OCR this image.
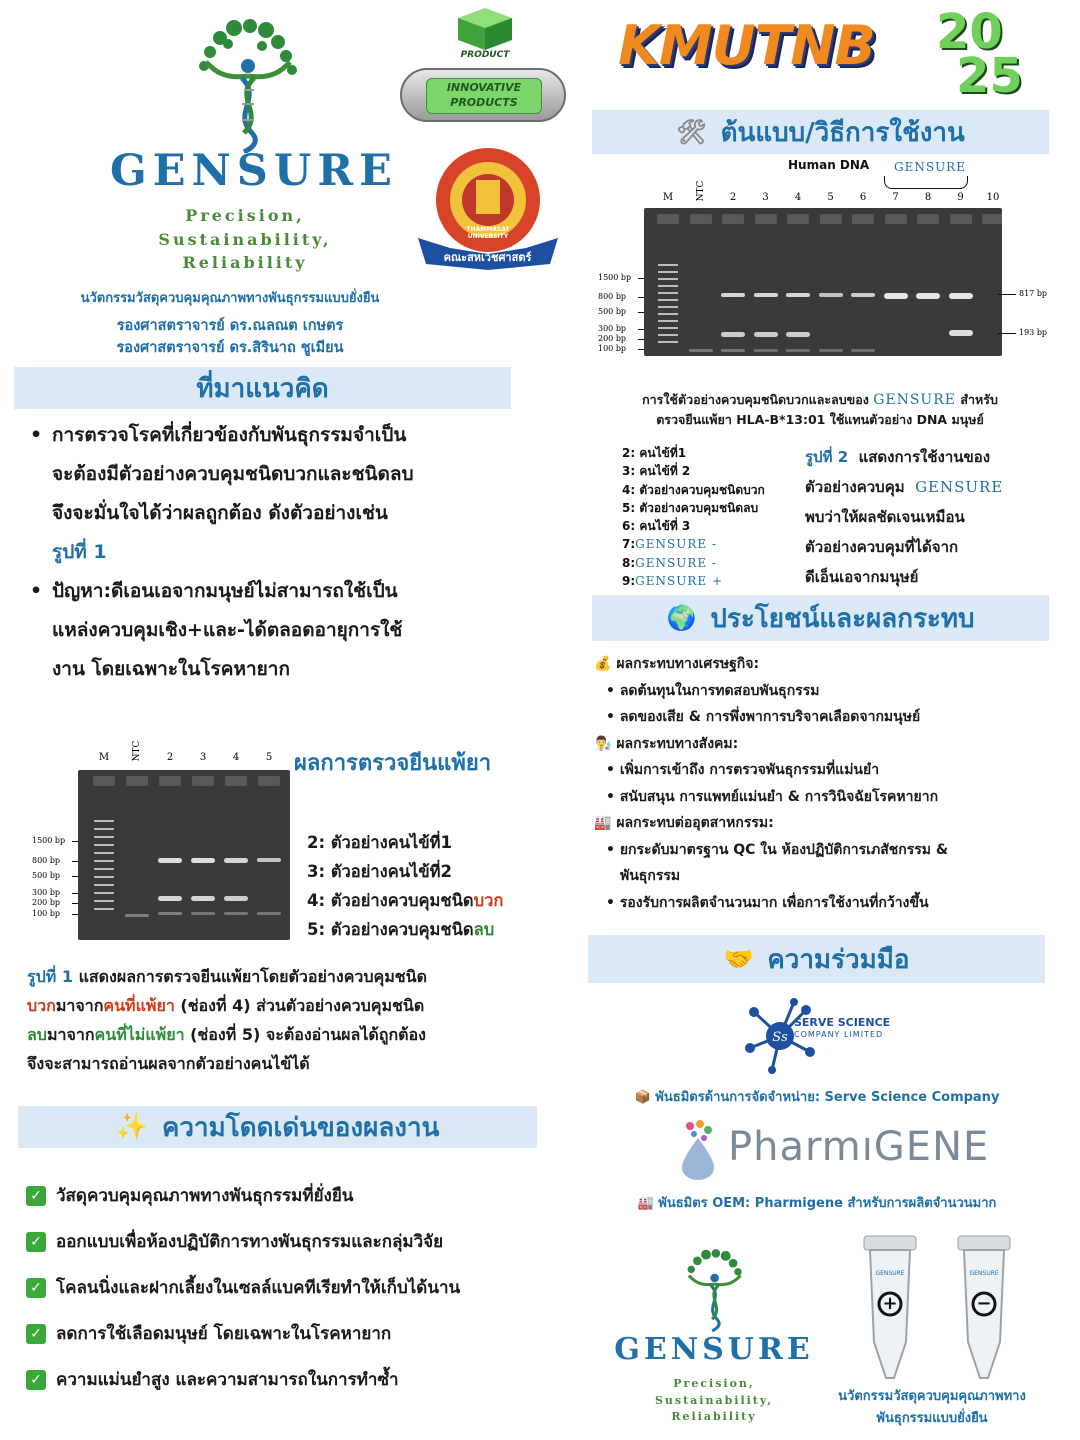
GENSURE
Precision,
Sustainability,
Reliability
PRODUCT
INNOVATIVE PRODUCTS
THAMMASAT UNIVERSITY
คณะสหเวชศาสตร์
นวัตกรรมวัสดุควบคุมคุณภาพทางพันธุกรรมแบบยั่งยืน
รองศาสตราจารย์ ดร.ณลณต เกษตร
รองศาสตราจารย์ ดร.สิรินาถ ชูเมียน
ที่มาแนวคิด
• การตรวจโรคที่เกี่ยวข้องกับพันธุกรรมจำเป็น
จะต้องมีตัวอย่างควบคุมชนิดบวกและชนิดลบ
จึงจะมั่นใจได้ว่าผลถูกต้อง ดังตัวอย่างเช่น
รูปที่ 1
• ปัญหา:ดีเอนเอจากมนุษย์ไม่สามารถใช้เป็น
แหล่งควบคุมเชิง+และ-ได้ตลอดอายุการใช้
งาน โดยเฉพาะในโรคหายาก
M	NTC	2	3	4	5
1500 bp
800 bp
500 bp
300 bp
200 bp
100 bp
ผลการตรวจยีนแพ้ยา
2: ตัวอย่างคนไข้ที่1
3: ตัวอย่างคนไข้ที่2
4: ตัวอย่างควบคุมชนิดบวก
5: ตัวอย่างควบคุมชนิดลบ
รูปที่ 1 แสดงผลการตรวจยีนแพ้ยาโดยตัวอย่างควบคุมชนิด
บวกมาจากคนที่แพ้ยา (ช่องที่ 4) ส่วนตัวอย่างควบคุมชนิด
ลบมาจากคนที่ไม่แพ้ยา (ช่องที่ 5) จะต้องอ่านผลได้ถูกต้อง
จึงจะสามารถอ่านผลจากตัวอย่างคนไข้ได้
✨ ความโดดเด่นของผลงาน
✓ วัสดุควบคุมคุณภาพทางพันธุกรรมที่ยั่งยืน
✓ ออกแบบเพื่อห้องปฏิบัติการทางพันธุกรรมและกลุ่มวิจัย
✓ โคลนนิ่งและฝากเลี้ยงในเซลล์แบคทีเรียทำให้เก็บได้นาน
✓ ลดการใช้เลือดมนุษย์ โดยเฉพาะในโรคหายาก
✓ ความแม่นยำสูง และความสามารถในการทำซ้ำ
KMUTNB 20
25
🛠 ต้นแบบ/วิธีการใช้งาน
Human DNA GENSURE
M	NTC	2	3	4	5	6	7	8	9	10
1500 bp
800 bp
500 bp
300 bp
200 bp
100 bp
817 bp
193 bp
การใช้ตัวอย่างควบคุมชนิดบวกและลบของ GENSURE สำหรับ
ตรวจยีนแพ้ยา HLA-B*13:01 ใช้แทนตัวอย่าง DNA มนุษย์
2: คนไข้ที่1
3: คนไข้ที่ 2
4: ตัวอย่างควบคุมชนิดบวก
5: ตัวอย่างควบคุมชนิดลบ
6: คนไข้ที่ 3
7:GENSURE -
8:GENSURE -
9:GENSURE +
รูปที่ 2 แสดงการใช้งานของ
ตัวอย่างควบคุม GENSURE
พบว่าให้ผลชัดเจนเหมือน
ตัวอย่างควบคุมที่ได้จาก
ดีเอ็นเอจากมนุษย์
🌍 ประโยชน์และผลกระทบ
💰 ผลกระทบทางเศรษฐกิจ:
• ลดต้นทุนในการทดสอบพันธุกรรม
• ลดของเสีย & การพึ่งพาการบริจาคเลือดจากมนุษย์
👨‍🔬 ผลกระทบทางสังคม:
• เพิ่มการเข้าถึง การตรวจพันธุกรรมที่แม่นยำ
• สนับสนุน การแพทย์แม่นยำ & การวินิจฉัยโรคหายาก
🏭 ผลกระทบต่ออุตสาหกรรม:
• ยกระดับมาตรฐาน QC ใน ห้องปฏิบัติการเภสัชกรรม &
พันธุกรรม
• รองรับการผลิตจำนวนมาก เพื่อการใช้งานที่กว้างขึ้น
🤝 ความร่วมมือ
Ss
SERVE SCIENCE
COMPANY LIMITED
📦 พันธมิตรด้านการจัดจำหน่าย: Serve Science Company
PharmıGENE
🏭 พันธมิตร OEM: Pharmigene สำหรับการผลิตจำนวนมาก
GENSURE
Precision,
Sustainability,
Reliability
GENSURE
+
GENSURE
−
นวัตกรรมวัสดุควบคุมคุณภาพทาง
พันธุกรรมแบบยั่งยืน
